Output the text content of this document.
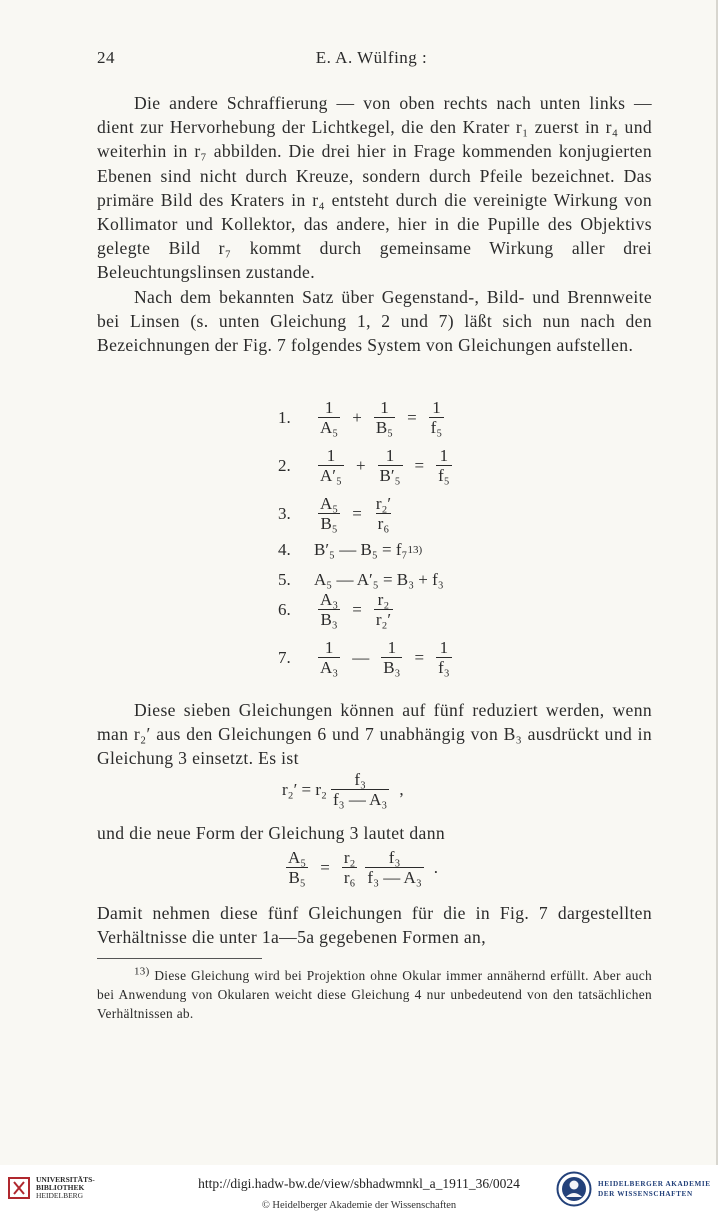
24	E. A. Wülfing :

Die andere Schraffierung — von oben rechts nach unten links — dient zur Hervorhebung der Lichtkegel, die den Krater r₁ zuerst in r₄ und weiterhin in r₇ abbilden. Die drei hier in Frage kommenden konjugierten Ebenen sind nicht durch Kreuze, sondern durch Pfeile bezeichnet. Das primäre Bild des Kraters in r₄ entsteht durch die vereinigte Wirkung von Kollimator und Kollektor, das andere, hier in die Pupille des Objektivs gelegte Bild r₇ kommt durch gemeinsame Wirkung aller drei Beleuchtungslinsen zustande.

Nach dem bekannten Satz über Gegenstand-, Bild- und Brennweite bei Linsen (s. unten Gleichung 1, 2 und 7) läßt sich nun nach den Bezeichnungen der Fig. 7 folgendes System von Gleichungen aufstellen.

1.	$\frac{1}{\text{A₅}} + \frac{1}{\text{B₅}} = \frac{1}{\text{f₅}}$
2.	$\frac{1}{\text{A′₅}} + \frac{1}{\text{B′₅}} = \frac{1}{\text{f₅}}$
3.	$\frac{\text{A₅}}{\text{B₅}} = \frac{\text{r₂′}}{\text{r₆}}$
4.	B′₅ — B₅ = f₇ 13)
5.	A₅ — A′₅ = B₃ + f₃
6.	$\frac{\text{A₃}}{\text{B₃}} = \frac{\text{r₂}}{\text{r₂′}}$
7.	$\frac{1}{\text{A₃}}$ — $\frac{1}{\text{B₃}} = \frac{1}{\text{f₃}}$

Diese sieben Gleichungen können auf fünf reduziert werden, wenn man r₂′ aus den Gleichungen 6 und 7 unabhängig von B₃ ausdrückt und in Gleichung 3 einsetzt. Es ist

$r_2' = r_2 \frac{\text{f₃}}{\text{f₃ — A₃}}$ ,

und die neue Form der Gleichung 3 lautet dann

$\frac{\text{A₅}}{\text{B₅}} = \frac{\text{r₂}}{\text{r₆}} \frac{\text{f₃}}{\text{f₃ — A₃}}$ .

Damit nehmen diese fünf Gleichungen für die in Fig. 7 dargestellten Verhältnisse die unter 1a—5a gegebenen Formen an,

$^{13)}$ Diese Gleichung wird bei Projektion ohne Okular immer annähernd erfüllt. Aber auch bei Anwendung von Okularen weicht diese Gleichung 4 nur unbedeutend von den tatsächlichen Verhältnissen ab.

UNIVERSITÄTS-
BIBLIOTHEK
HEIDELBERG
http://digi.hadw-bw.de/view/sbhadwmnkl_a_1911_36/0024
© Heidelberger Akademie der Wissenschaften
HEIDELBERGER AKADEMIE
DER WISSENSCHAFTEN
